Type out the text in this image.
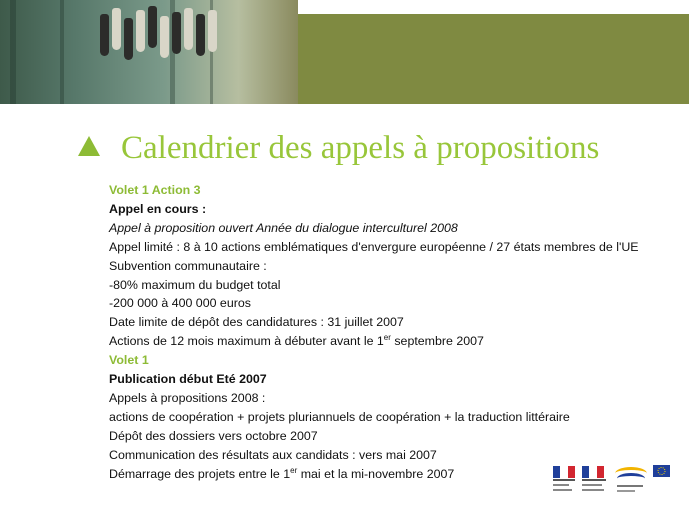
Calendrier des appels à propositions
Volet 1 Action 3
Appel en cours :
Appel à proposition ouvert Année du dialogue interculturel 2008
Appel limité : 8 à 10 actions emblématiques d'envergure européenne / 27 états membres de l'UE
Subvention communautaire :
-80% maximum du budget total
-200 000 à 400 000 euros
Date limite de dépôt des candidatures : 31 juillet 2007
Actions de 12 mois maximum à débuter avant le 1er septembre 2007
Volet 1
Publication début Eté 2007
Appels à propositions 2008 :
actions de coopération + projets pluriannuels de coopération + la traduction littéraire
Dépôt des dossiers vers octobre 2007
Communication des résultats aux candidats : vers mai 2007
Démarrage des projets entre le 1er mai et la mi-novembre 2007
